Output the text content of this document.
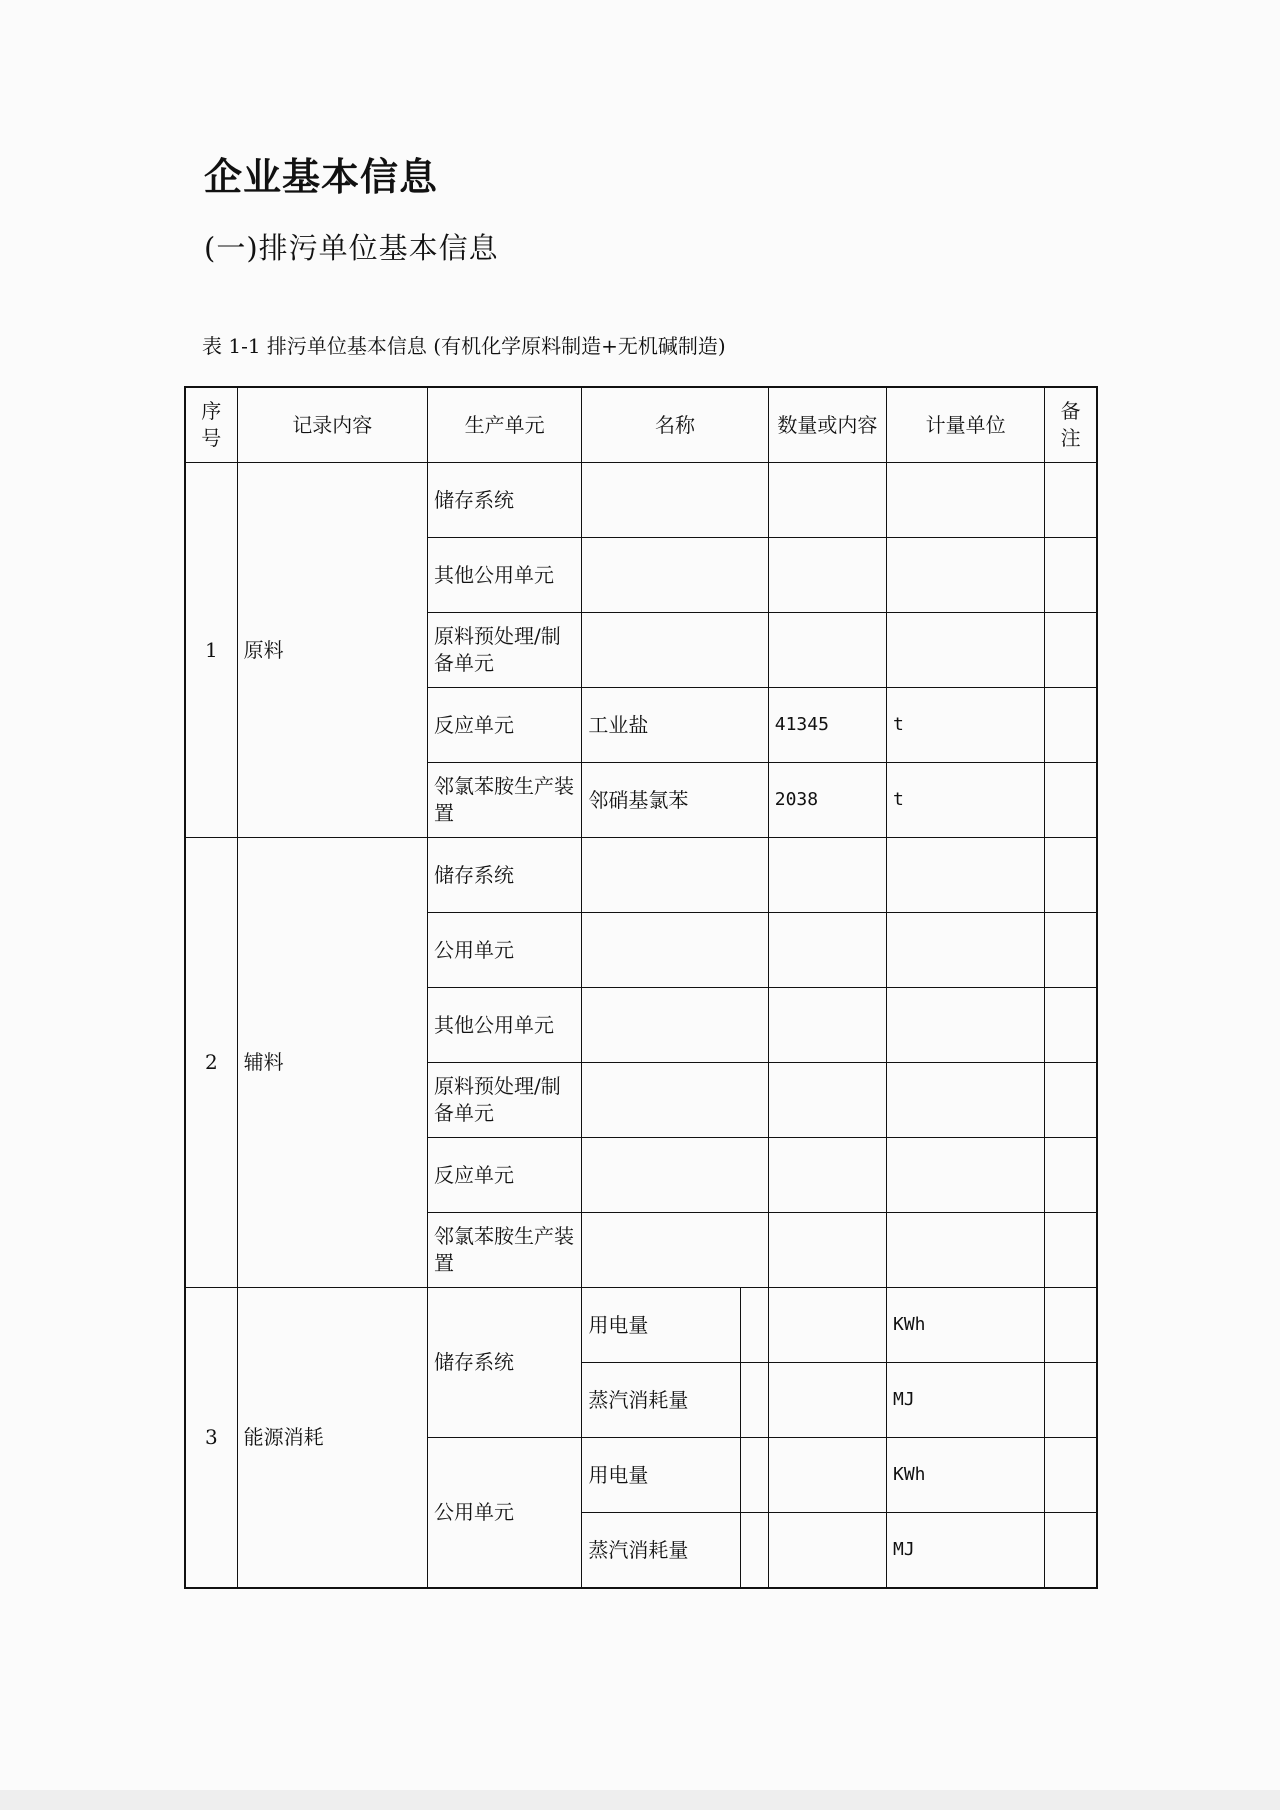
企业基本信息
(一)排污单位基本信息
表 1-1 排污单位基本信息 (有机化学原料制造+无机碱制造)
序号	记录内容	生产单元	名称		数量或内容	计量单位	备注
1	原料	储存系统					
		其他公用单元					
		原料预处理/制备单元					
		反应单元	工业盐		41345	t	
		邻氯苯胺生产装置	邻硝基氯苯		2038	t	
2	辅料	储存系统					
		公用单元					
		其他公用单元					
		原料预处理/制备单元					
		反应单元					
		邻氯苯胺生产装置					
3	能源消耗	储存系统	用电量			KWh	
			蒸汽消耗量			MJ	
		公用单元	用电量			KWh	
			蒸汽消耗量			MJ	
